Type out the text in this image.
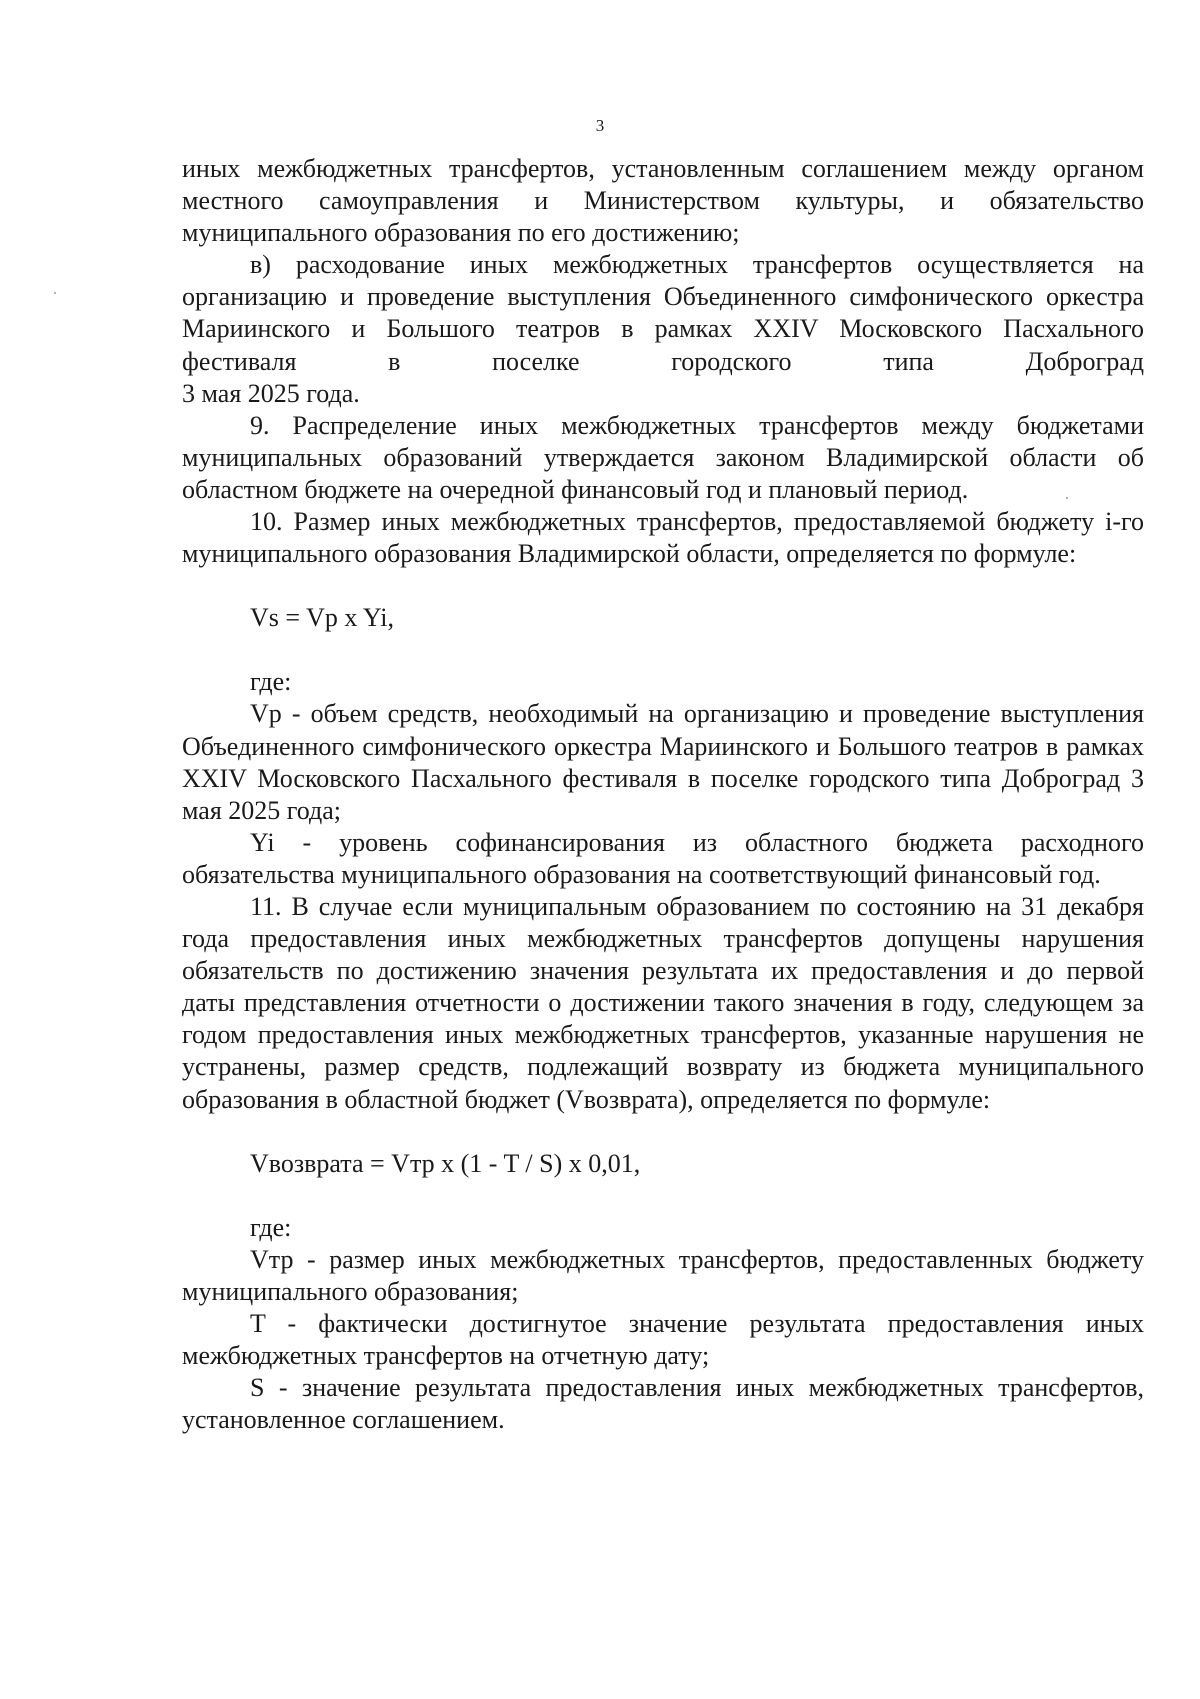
3

иных межбюджетных трансфертов, установленным соглашением между органом местного самоуправления и Министерством культуры, и обязательство муниципального образования по его достижению;

в) расходование иных межбюджетных трансфертов осуществляется на организацию и проведение выступления Объединенного симфонического оркестра Мариинского и Большого театров в рамках XXIV Московского Пасхального фестиваля в поселке городского типа Доброград

3 мая 2025 года.

9. Распределение иных межбюджетных трансфертов между бюджетами муниципальных образований утверждается законом Владимирской области об областном бюджете на очередной финансовый год и плановый период.

10. Размер иных межбюджетных трансфертов, предоставляемой бюджету i-го муниципального образования Владимирской области, определяется по формуле:

Vs = Vp x Yi,

где:

Vp - объем средств, необходимый на организацию и проведение выступления Объединенного симфонического оркестра Мариинского и Большого театров в рамках XXIV Московского Пасхального фестиваля в поселке городского типа Доброград 3 мая 2025 года;

Yi - уровень софинансирования из областного бюджета расходного обязательства муниципального образования на соответствующий финансовый год.

11. В случае если муниципальным образованием по состоянию на 31 декабря года предоставления иных межбюджетных трансфертов допущены нарушения обязательств по достижению значения результата их предоставления и до первой даты представления отчетности о достижении такого значения в году, следующем за годом предоставления иных межбюджетных трансфертов, указанные нарушения не устранены, размер средств, подлежащий возврату из бюджета муниципального образования в областной бюджет (Vвозврата), определяется по формуле:

Vвозврата = Vтр x (1 - T / S) x 0,01,

где:

Vтр - размер иных межбюджетных трансфертов, предоставленных бюджету муниципального образования;

T - фактически достигнутое значение результата предоставления иных межбюджетных трансфертов на отчетную дату;

S - значение результата предоставления иных межбюджетных трансфертов, установленное соглашением.
